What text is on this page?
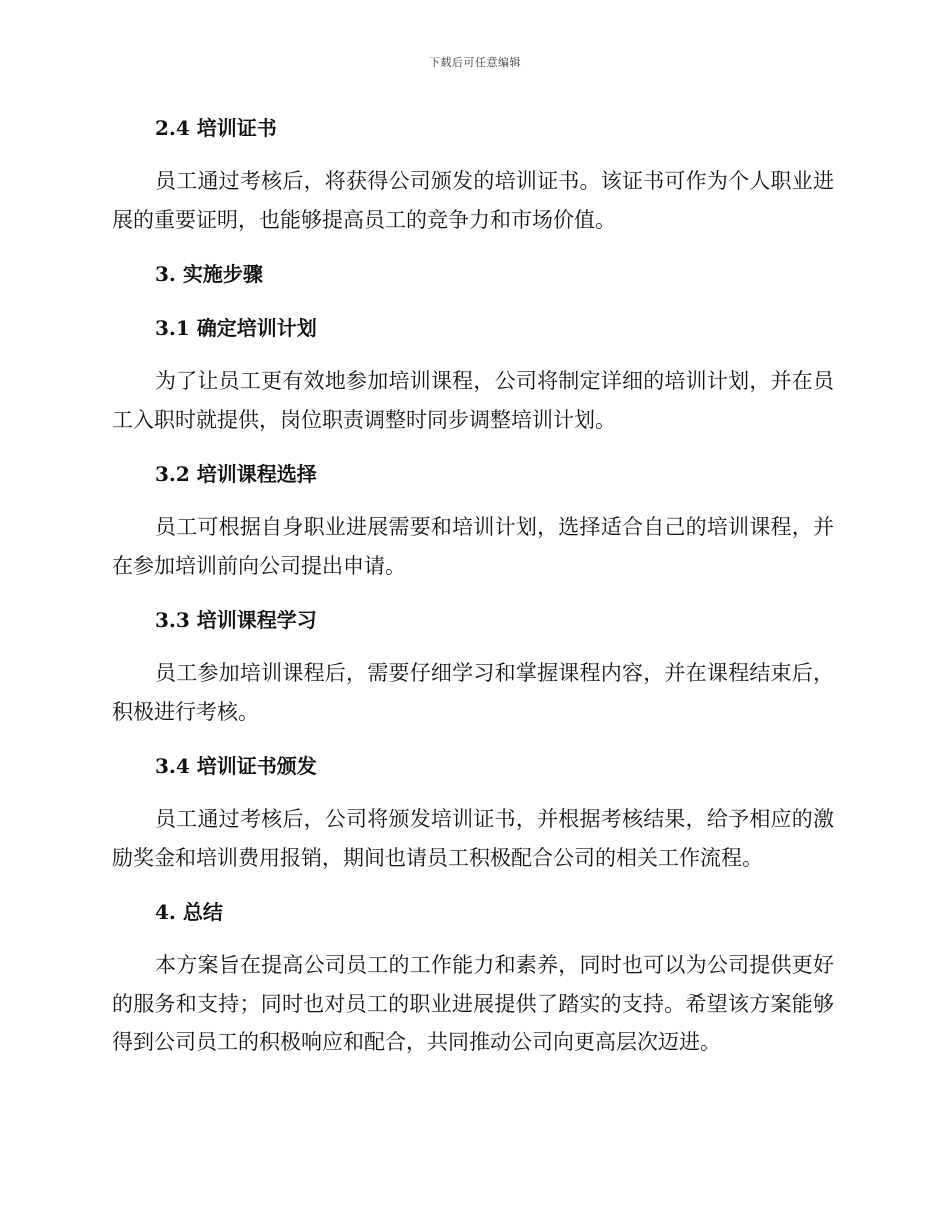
下载后可任意编辑
2.4 培训证书

员工通过考核后，将获得公司颁发的培训证书。该证书可作为个人职业进展的重要证明，也能够提高员工的竞争力和市场价值。

3. 实施步骤
3.1 确定培训计划

为了让员工更有效地参加培训课程，公司将制定详细的培训计划，并在员工入职时就提供，岗位职责调整时同步调整培训计划。

3.2 培训课程选择

员工可根据自身职业进展需要和培训计划，选择适合自己的培训课程，并在参加培训前向公司提出申请。

3.3 培训课程学习

员工参加培训课程后，需要仔细学习和掌握课程内容，并在课程结束后，积极进行考核。

3.4 培训证书颁发

员工通过考核后，公司将颁发培训证书，并根据考核结果，给予相应的激励奖金和培训费用报销，期间也请员工积极配合公司的相关工作流程。

4. 总结

本方案旨在提高公司员工的工作能力和素养，同时也可以为公司提供更好的服务和支持；同时也对员工的职业进展提供了踏实的支持。希望该方案能够得到公司员工的积极响应和配合，共同推动公司向更高层次迈进。
